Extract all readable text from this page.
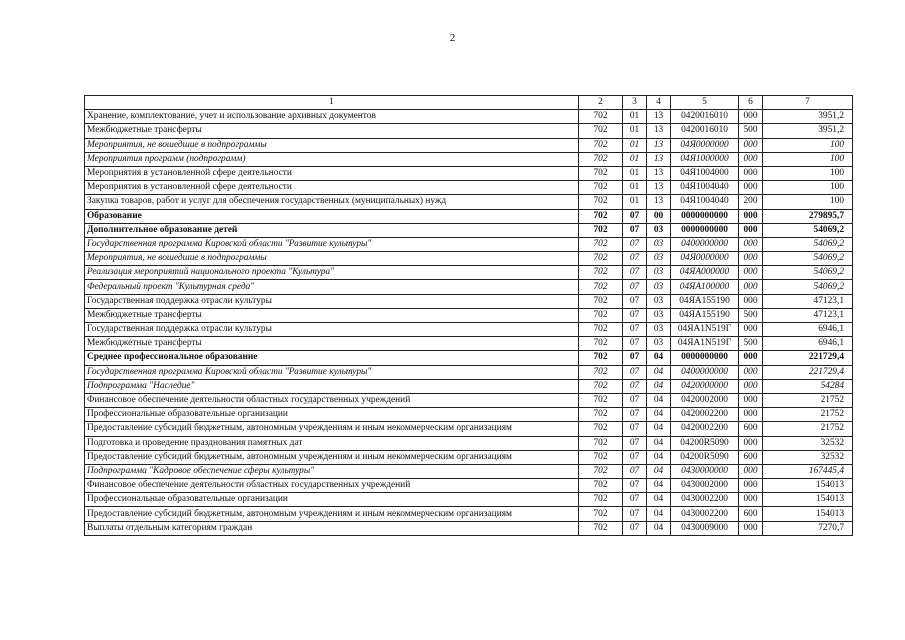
2
1	2	3	4	5	6	7
Хранение, комплектование, учет и использование архивных документов	702	01	13	0420016010	000	3951,2
Межбюджетные трансферты	702	01	13	0420016010	500	3951,2
Мероприятия, не вошедшие в подпрограммы	702	01	13	04Я0000000	000	100
Мероприятия программ (подпрограмм)	702	01	13	04Я1000000	000	100
Мероприятия в установленной сфере деятельности	702	01	13	04Я1004000	000	100
Мероприятия в установленной сфере деятельности	702	01	13	04Я1004040	000	100
Закупка товаров, работ и услуг для обеспечения государственных (муниципальных) нужд	702	01	13	04Я1004040	200	100
Образование	702	07	00	0000000000	000	279895,7
Дополнительное образование детей	702	07	03	0000000000	000	54069,2
Государственная программа Кировской области "Развитие культуры"	702	07	03	0400000000	000	54069,2
Мероприятия, не вошедшие в подпрограммы	702	07	03	04Я0000000	000	54069,2
Реализация мероприятий национального проекта "Культура"	702	07	03	04ЯА000000	000	54069,2
Федеральный проект "Культурная среда"	702	07	03	04ЯА100000	000	54069,2
Государственная поддержка отрасли культуры	702	07	03	04ЯА155190	000	47123,1
Межбюджетные трансферты	702	07	03	04ЯА155190	500	47123,1
Государственная поддержка отрасли культуры	702	07	03	04ЯА1N519Г	000	6946,1
Межбюджетные трансферты	702	07	03	04ЯА1N519Г	500	6946,1
Среднее профессиональное образование	702	07	04	0000000000	000	221729,4
Государственная программа Кировской области "Развитие культуры"	702	07	04	0400000000	000	221729,4
Подпрограмма "Наследие"	702	07	04	0420000000	000	54284
Финансовое обеспечение деятельности областных государственных учреждений	702	07	04	0420002000	000	21752
Профессиональные образовательные организации	702	07	04	0420002200	000	21752
Предоставление субсидий бюджетным, автономным учреждениям и иным некоммерческим организациям	702	07	04	0420002200	600	21752
Подготовка и проведение празднования памятных дат	702	07	04	04200R5090	000	32532
Предоставление субсидий бюджетным, автономным учреждениям и иным некоммерческим организациям	702	07	04	04200R5090	600	32532
Подпрограмма "Кадровое обеспечение сферы культуры"	702	07	04	0430000000	000	167445,4
Финансовое обеспечение деятельности областных государственных учреждений	702	07	04	0430002000	000	154013
Профессиональные образовательные организации	702	07	04	0430002200	000	154013
Предоставление субсидий бюджетным, автономным учреждениям и иным некоммерческим организациям	702	07	04	0430002200	600	154013
Выплаты отдельным категориям граждан	702	07	04	0430009000	000	7270,7
